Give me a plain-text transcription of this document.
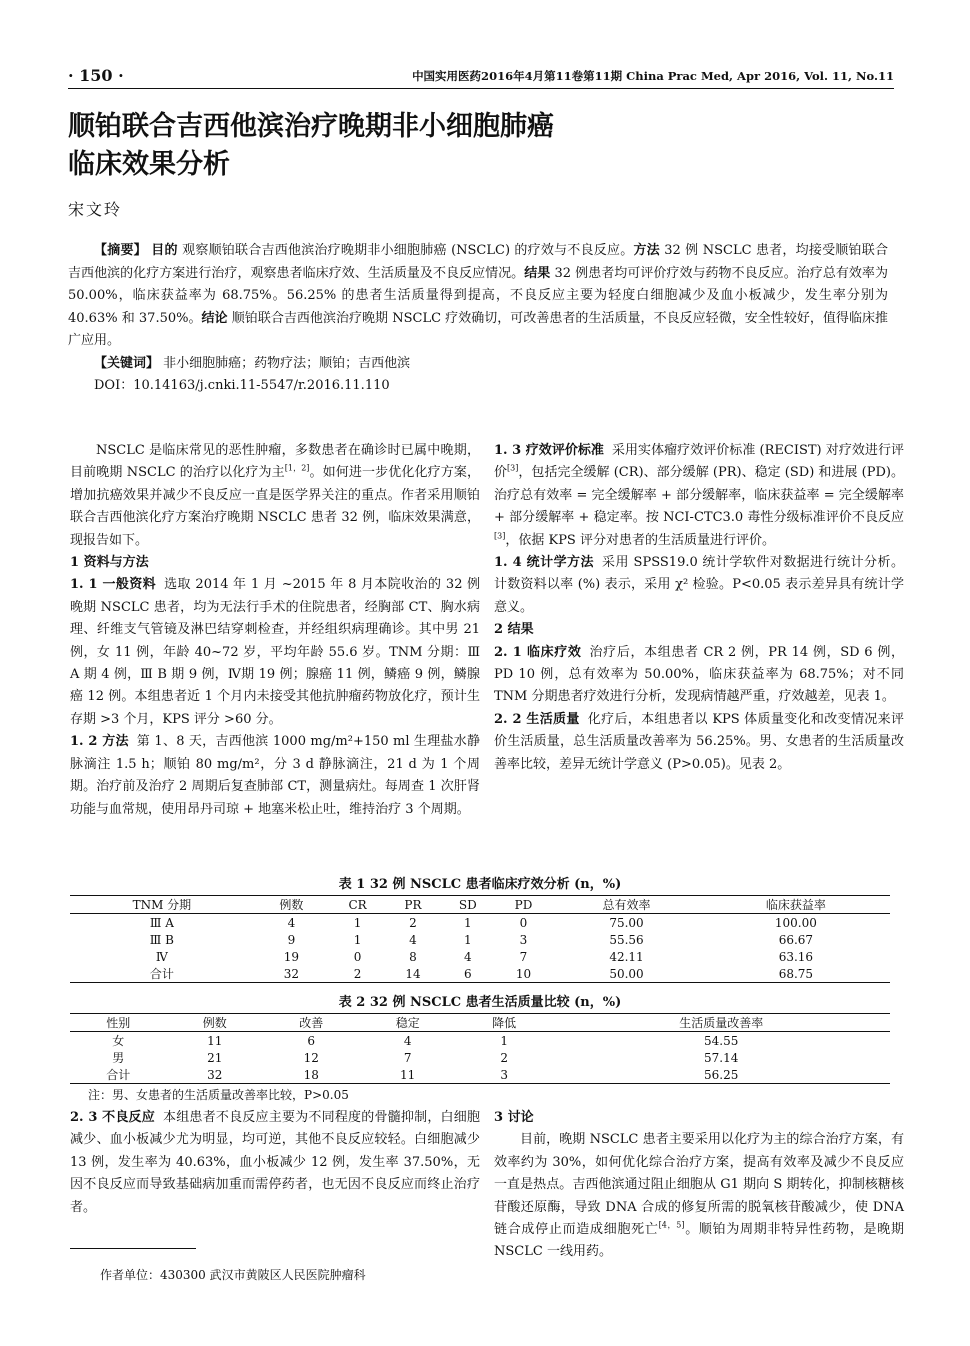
· 150 ·	中国实用医药2016年4月第11卷第11期 China Prac Med, Apr 2016, Vol. 11, No.11
顺铂联合吉西他滨治疗晚期非小细胞肺癌
临床效果分析
宋文玲

【摘要】 目的 观察顺铂联合吉西他滨治疗晚期非小细胞肺癌 (NSCLC) 的疗效与不良反应。方法 32 例 NSCLC 患者，均接受顺铂联合吉西他滨的化疗方案进行治疗，观察患者临床疗效、生活质量及不良反应情况。结果 32 例患者均可评价疗效与药物不良反应。治疗总有效率为 50.00%，临床获益率为 68.75%。56.25% 的患者生活质量得到提高，不良反应主要为轻度白细胞减少及血小板减少，发生率分别为 40.63% 和 37.50%。结论 顺铂联合吉西他滨治疗晚期 NSCLC 疗效确切，可改善患者的生活质量，不良反应轻微，安全性较好，值得临床推广应用。

【关键词】 非小细胞肺癌；药物疗法；顺铂；吉西他滨

DOI：10.14163/j.cnki.11-5547/r.2016.11.110

NSCLC 是临床常见的恶性肿瘤，多数患者在确诊时已属中晚期，目前晚期 NSCLC 的治疗以化疗为主[1，2]。如何进一步优化化疗方案，增加抗癌效果并减少不良反应一直是医学界关注的重点。作者采用顺铂联合吉西他滨化疗方案治疗晚期 NSCLC 患者 32 例，临床效果满意，现报告如下。

1 资料与方法

1. 1 一般资料 选取 2014 年 1 月 ~2015 年 8 月本院收治的 32 例晚期 NSCLC 患者，均为无法行手术的住院患者，经胸部 CT、胸水病理、纤维支气管镜及淋巴结穿刺检查，并经组织病理确诊。其中男 21 例，女 11 例，年龄 40~72 岁，平均年龄 55.6 岁。TNM 分期：Ⅲ A 期 4 例，Ⅲ B 期 9 例，Ⅳ期 19 例；腺癌 11 例，鳞癌 9 例，鳞腺癌 12 例。本组患者近 1 个月内未接受其他抗肿瘤药物放化疗，预计生存期 >3 个月，KPS 评分 >60 分。

1. 2 方法 第 1、8 天，吉西他滨 1000 mg/m²+150 ml 生理盐水静脉滴注 1.5 h；顺铂 80 mg/m²，分 3 d 静脉滴注，21 d 为 1 个周期。治疗前及治疗 2 周期后复查肺部 CT，测量病灶。每周查 1 次肝肾功能与血常规，使用昂丹司琼 + 地塞米松止吐，维持治疗 3 个周期。

1. 3 疗效评价标准 采用实体瘤疗效评价标准 (RECIST) 对疗效进行评价[3]，包括完全缓解 (CR)、部分缓解 (PR)、稳定 (SD) 和进展 (PD)。治疗总有效率 = 完全缓解率 + 部分缓解率，临床获益率 = 完全缓解率 + 部分缓解率 + 稳定率。按 NCI-CTC3.0 毒性分级标准评价不良反应[3]，依据 KPS 评分对患者的生活质量进行评价。

1. 4 统计学方法 采用 SPSS19.0 统计学软件对数据进行统计分析。计数资料以率 (%) 表示，采用 χ² 检验。P<0.05 表示差异具有统计学意义。

2 结果

2. 1 临床疗效 治疗后，本组患者 CR 2 例，PR 14 例，SD 6 例，PD 10 例，总有效率为 50.00%，临床获益率为 68.75%；对不同 TNM 分期患者疗效进行分析，发现病情越严重，疗效越差，见表 1。

2. 2 生活质量 化疗后，本组患者以 KPS 体质量变化和改变情况来评价生活质量，总生活质量改善率为 56.25%。男、女患者的生活质量改善率比较，差异无统计学意义 (P>0.05)。见表 2。

表 1 32 例 NSCLC 患者临床疗效分析 (n，%)
TNM 分期	例数	CR	PR	SD	PD	总有效率	临床获益率
Ⅲ A	4	1	2	1	0	75.00	100.00
Ⅲ B	9	1	4	1	3	55.56	66.67
Ⅳ	19	0	8	4	7	42.11	63.16
合计	32	2	14	6	10	50.00	68.75
表 2 32 例 NSCLC 患者生活质量比较 (n，%)
性别	例数	改善	稳定	降低	生活质量改善率
女	11	6	4	1	54.55
男	21	12	7	2	57.14
合计	32	18	11	3	56.25
注：男、女患者的生活质量改善率比较，P>0.05

2. 3 不良反应 本组患者不良反应主要为不同程度的骨髓抑制，白细胞减少、血小板减少尤为明显，均可逆，其他不良反应较轻。白细胞减少 13 例，发生率为 40.63%，血小板减少 12 例，发生率 37.50%，无因不良反应而导致基础病加重而需停药者，也无因不良反应而终止治疗者。

3 讨论

目前，晚期 NSCLC 患者主要采用以化疗为主的综合治疗方案，有效率约为 30%，如何优化综合治疗方案，提高有效率及减少不良反应一直是热点。吉西他滨通过阻止细胞从 G1 期向 S 期转化，抑制核糖核苷酸还原酶，导致 DNA 合成的修复所需的脱氧核苷酸减少，使 DNA 链合成停止而造成细胞死亡[4，5]。顺铂为周期非特异性药物，是晚期 NSCLC 一线用药。

作者单位：430300 武汉市黄陂区人民医院肿瘤科
